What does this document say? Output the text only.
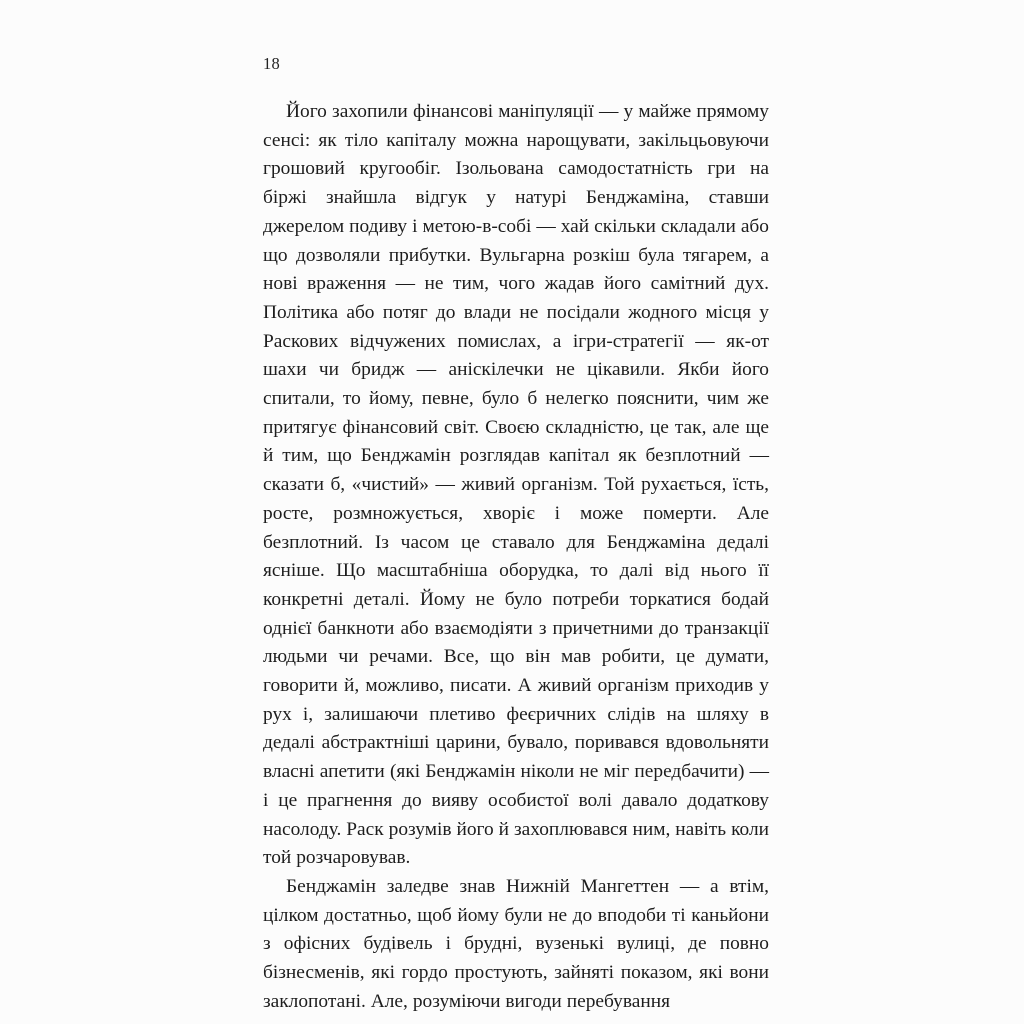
18

Його захопили фінансові маніпуляції — у майже прямому сенсі: як тіло капіталу можна нарощувати, закільцьовуючи грошовий кругообіг. Ізольована самодостатність гри на біржі знайшла відгук у натурі Бенджаміна, ставши джерелом подиву і метою-в-собі — хай скільки складали або що дозволяли прибутки. Вульгарна розкіш була тягарем, а нові враження — не тим, чого жадав його самітний дух. Політика або потяг до влади не посідали жодного місця у Раскових відчужених помислах, а ігри-стратегії — як-от шахи чи бридж — аніскілечки не цікавили. Якби його спитали, то йому, певне, було б нелегко пояснити, чим же притягує фінансовий світ. Своєю складністю, це так, але ще й тим, що Бенджамін розглядав капітал як безплотний — сказати б, «чистий» — живий організм. Той рухається, їсть, росте, розмножується, хворіє і може померти. Але безплотний. Із часом це ставало для Бенджаміна дедалі ясніше. Що масштабніша оборудка, то далі від нього її конкретні деталі. Йому не було потреби торкатися бодай однієї банкноти або взаємодіяти з причетними до транзакції людьми чи речами. Все, що він мав робити, це думати, говорити й, можливо, писати. А живий організм приходив у рух і, залишаючи плетиво феєричних слідів на шляху в дедалі абстрактніші царини, бувало, поривався вдовольняти власні апетити (які Бенджамін ніколи не міг передбачити) — і це прагнення до вияву особистої волі давало додаткову насолоду. Раск розумів його й захоплювався ним, навіть коли той розчаровував.

Бенджамін заледве знав Нижній Мангеттен — а втім, цілком достатньо, щоб йому були не до вподоби ті каньйони з офісних будівель і брудні, вузенькі вулиці, де повно бізнесменів, які гордо простують, зайняті показом, які вони заклопотані. Але, розуміючи вигоди перебування
